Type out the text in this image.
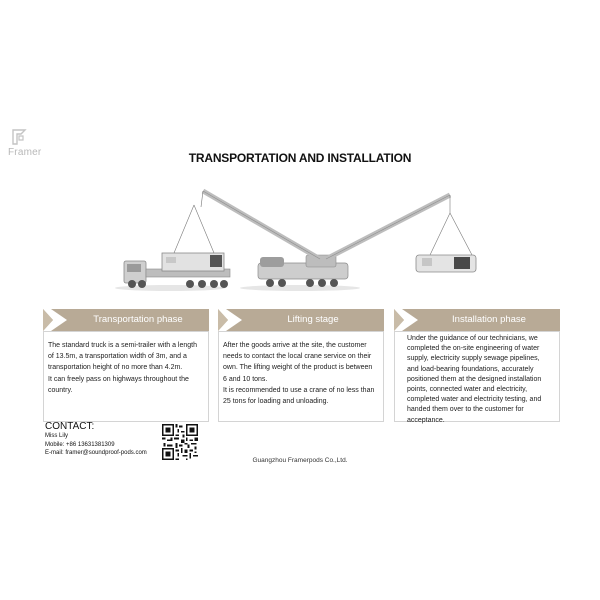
Framer	TRANSPORTATION AND INSTALLATION
Transportation phase

The standard truck is a semi-trailer with a length of 13.5m, a transportation width of 3m, and a transportation height of no more than 4.2m.

It can freely pass on highways throughout the country.

Lifting stage

After the goods arrive at the site, the customer needs to contact the local crane service on their own. The lifting weight of the product is between 6 and 10 tons.

It is recommended to use a crane of no less than 25 tons for loading and unloading.

Installation phase

Under the guidance of our technicians, we completed the on-site engineering of water supply, electricity supply sewage pipelines, and load-bearing foundations, accurately positioned them at the designed installation points, connected water and electricity, completed water and electricity testing, and handed them over to the customer for acceptance.

CONTACT:
Miss Lily
Mobile: +86 13631381309
E-mail: framer@soundproof-pods.com
Guangzhou Framerpods Co.,Ltd.
